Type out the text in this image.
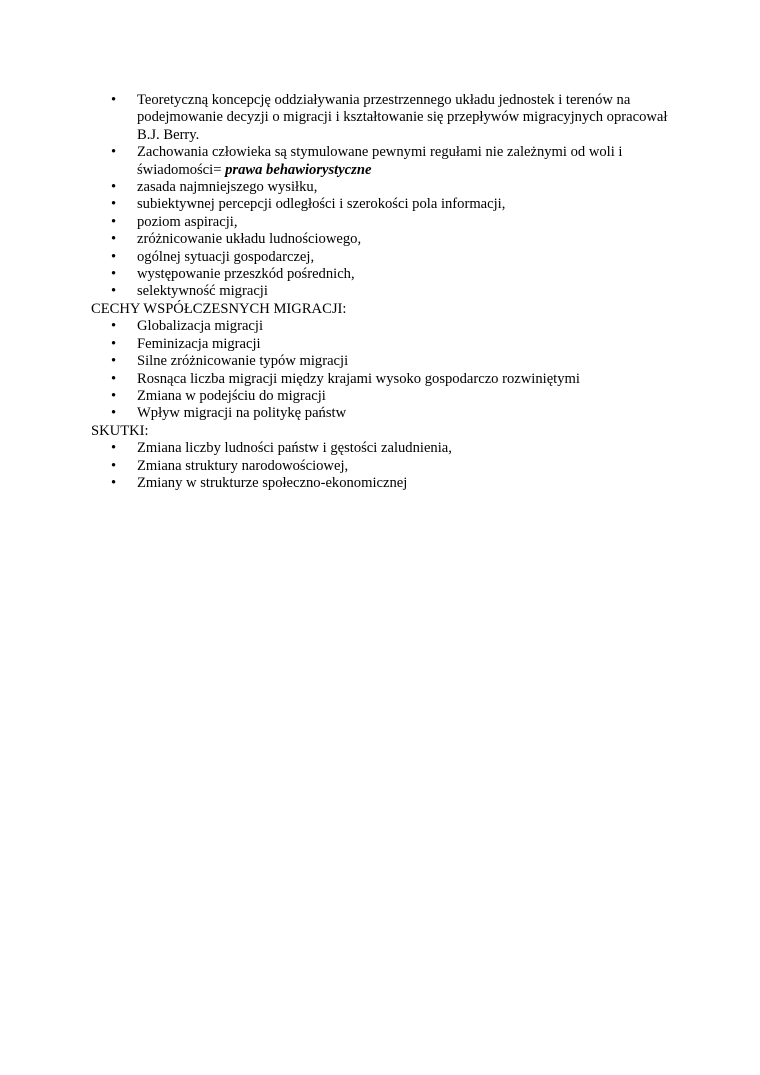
• Teoretyczną koncepcję oddziaływania przestrzennego układu jednostek i terenów na podejmowanie decyzji o migracji i kształtowanie się przepływów migracyjnych opracował B.J. Berry.
• Zachowania człowieka są stymulowane pewnymi regułami nie zależnymi od woli i świadomości= prawa behawiorystyczne
• zasada najmniejszego wysiłku,
• subiektywnej percepcji odległości i szerokości pola informacji,
• poziom aspiracji,
• zróżnicowanie układu ludnościowego,
• ogólnej sytuacji gospodarczej,
• występowanie przeszkód pośrednich,
• selektywność migracji

CECHY WSPÓŁCZESNYCH MIGRACJI:

• Globalizacja migracji
• Feminizacja migracji
• Silne zróżnicowanie typów migracji
• Rosnąca liczba migracji między krajami wysoko gospodarczo rozwiniętymi
• Zmiana w podejściu do migracji
• Wpływ migracji na politykę państw

SKUTKI:

• Zmiana liczby ludności państw i gęstości zaludnienia,
• Zmiana struktury narodowościowej,
• Zmiany w strukturze społeczno-ekonomicznej
